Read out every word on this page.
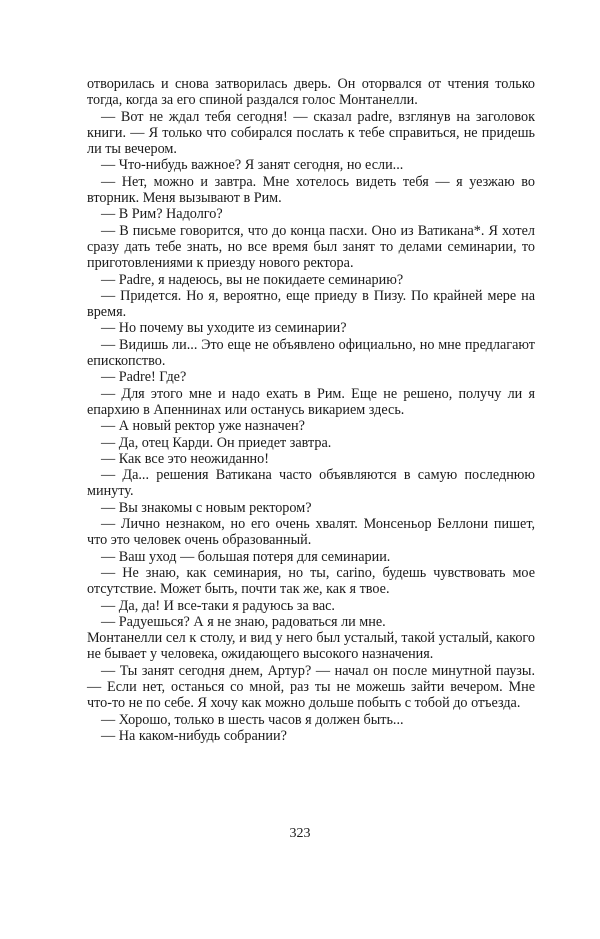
отворилась и снова затворилась дверь. Он оторвался от чтения только тогда, когда за его спиной раздался голос Монтанелли.

— Вот не ждал тебя сегодня! — сказал padre, взглянув на заголовок книги. — Я только что собирался послать к тебе справиться, не придешь ли ты вечером.

— Что-нибудь важное? Я занят сегодня, но если...

— Нет, можно и завтра. Мне хотелось видеть тебя — я уезжаю во вторник. Меня вызывают в Рим.

— В Рим? Надолго?

— В письме говорится, что до конца пасхи. Оно из Ватикана*. Я хотел сразу дать тебе знать, но все время был занят то делами семинарии, то приготовлениями к приезду нового ректора.

— Padre, я надеюсь, вы не покидаете семинарию?

— Придется. Но я, вероятно, еще приеду в Пизу. По крайней мере на время.

— Но почему вы уходите из семинарии?

— Видишь ли... Это еще не объявлено официально, но мне предлагают епископство.

— Padre! Где?

— Для этого мне и надо ехать в Рим. Еще не решено, получу ли я епархию в Апеннинах или останусь викарием здесь.

— А новый ректор уже назначен?

— Да, отец Карди. Он приедет завтра.

— Как все это неожиданно!

— Да... решения Ватикана часто объявляются в самую последнюю минуту.

— Вы знакомы с новым ректором?

— Лично незнаком, но его очень хвалят. Монсеньор Беллони пишет, что это человек очень образованный.

— Ваш уход — большая потеря для семинарии.

— Не знаю, как семинария, но ты, carino, будешь чувствовать мое отсутствие. Может быть, почти так же, как я твое.

— Да, да! И все-таки я радуюсь за вас.

— Радуешься? А я не знаю, радоваться ли мне.

Монтанелли сел к столу, и вид у него был усталый, такой усталый, какого не бывает у человека, ожидающего высокого назначения.

— Ты занят сегодня днем, Артур? — начал он после минутной паузы. — Если нет, останься со мной, раз ты не можешь зайти вечером. Мне что-то не по себе. Я хочу как можно дольше побыть с тобой до отъезда.

— Хорошо, только в шесть часов я должен быть...

— На каком-нибудь собрании?

323
